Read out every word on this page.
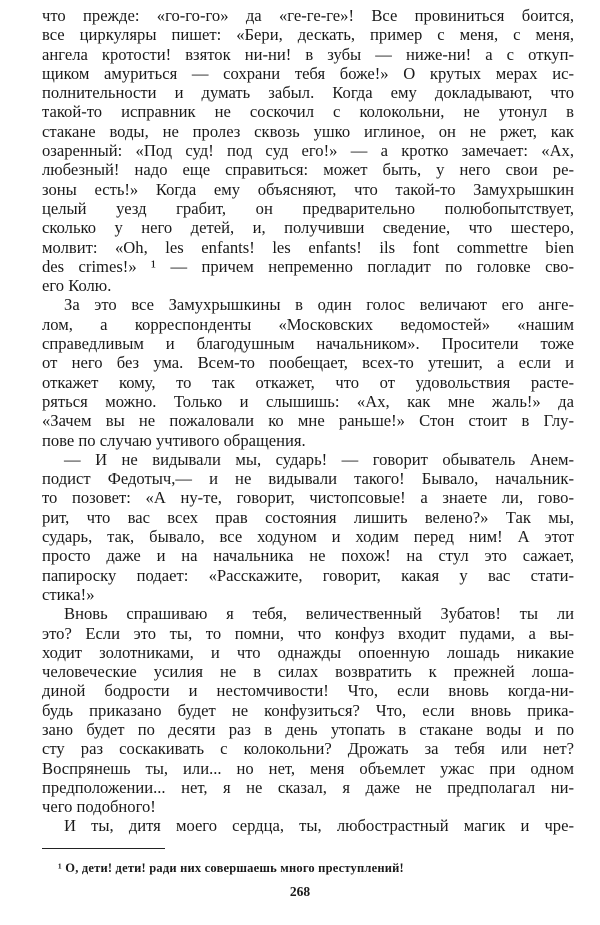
что прежде: «го-го-го» да «ге-ге-ге»! Все провиниться боится,
все циркуляры пишет: «Бери, дескать, пример с меня, с меня,
ангела кротости! взяток ни-ни! в зубы — ниже-ни! а с откуп-
щиком амуриться — сохрани тебя боже!» О крутых мерах ис-
полнительности и думать забыл. Когда ему докладывают, что
такой-то исправник не соскочил с колокольни, не утонул в
стакане воды, не пролез сквозь ушко иглиное, он не ржет, как
озаренный: «Под суд! под суд его!» — а кротко замечает: «Ах,
любезный! надо еще справиться: может быть, у него свои ре-
зоны есть!» Когда ему объясняют, что такой-то Замухрышкин
целый уезд грабит, он предварительно полюбопытствует,
сколько у него детей, и, получивши сведение, что шестеро,
молвит: «Oh, les enfants! les enfants! ils font commettre bien
des crimes!» ¹ — причем непременно погладит по головке сво-
его Колю.
За это все Замухрышкины в один голос величают его анге-
лом, а корреспонденты «Московских ведомостей» «нашим
справедливым и благодушным начальником». Просители тоже
от него без ума. Всем-то пообещает, всех-то утешит, а если и
откажет кому, то так откажет, что от удовольствия расте-
ряться можно. Только и слышишь: «Ах, как мне жаль!» да
«Зачем вы не пожаловали ко мне раньше!» Стон стоит в Глу-
пове по случаю учтивого обращения.
— И не видывали мы, сударь! — говорит обыватель Анем-
подист Федотыч,— и не видывали такого! Бывало, начальник-
то позовет: «А ну-те, говорит, чистопсовые! а знаете ли, гово-
рит, что вас всех прав состояния лишить велено?» Так мы,
сударь, так, бывало, все ходуном и ходим перед ним! А этот
просто даже и на начальника не похож! на стул это сажает,
папироску подает: «Расскажите, говорит, какая у вас стати-
стика!»
Вновь спрашиваю я тебя, величественный Зубатов! ты ли
это? Если это ты, то помни, что конфуз входит пудами, а вы-
ходит золотниками, и что однажды опоенную лошадь никакие
человеческие усилия не в силах возвратить к прежней лоша-
диной бодрости и нестомчивости! Что, если вновь когда-ни-
будь приказано будет не конфузиться? Что, если вновь прика-
зано будет по десяти раз в день утопать в стакане воды и по
сту раз соскакивать с колокольни? Дрожать за тебя или нет?
Воспрянешь ты, или... но нет, меня объемлет ужас при одном
предположении... нет, я не сказал, я даже не предполагал ни-
чего подобного!
И ты, дитя моего сердца, ты, любострастный магик и чре-
¹ О, дети! дети! ради них совершаешь много преступлений!
268
